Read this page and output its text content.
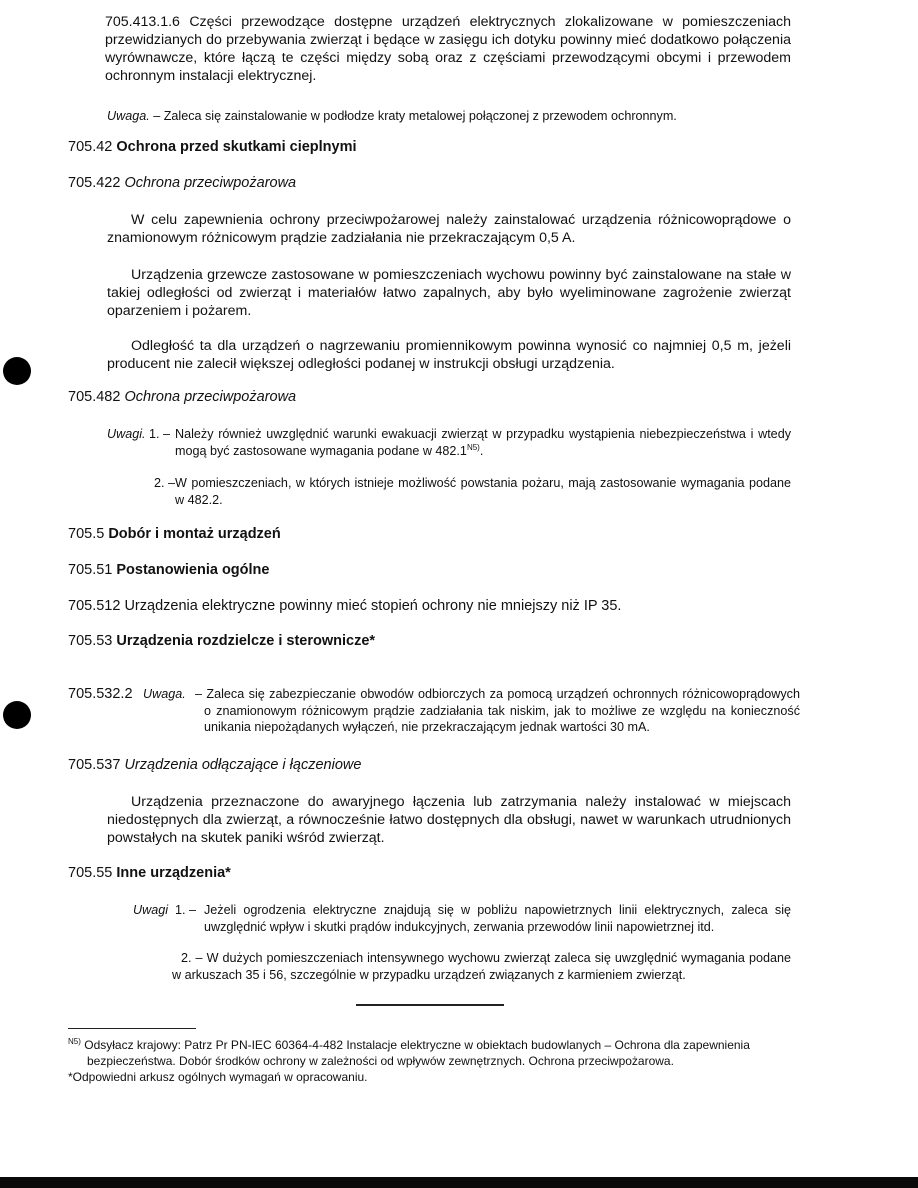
705.413.1.6 Części przewodzące dostępne urządzeń elektrycznych zlokalizowane w pomieszczeniach przewidzianych do przebywania zwierząt i będące w zasięgu ich dotyku powinny mieć dodatkowo połączenia wyrównawcze, które łączą te części między sobą oraz z częściami przewodzącymi obcymi i przewodem ochronnym instalacji elektrycznej.
Uwaga. – Zaleca się zainstalowanie w podłodze kraty metalowej połączonej z przewodem ochronnym.
705.42 Ochrona przed skutkami cieplnymi
705.422 Ochrona przeciwpożarowa

W celu zapewnienia ochrony przeciwpożarowej należy zainstalować urządzenia różnicowoprądowe o znamionowym różnicowym prądzie zadziałania nie przekraczającym 0,5 A.

Urządzenia grzewcze zastosowane w pomieszczeniach wychowu powinny być zainstalowane na stałe w takiej odległości od zwierząt i materiałów łatwo zapalnych, aby było wyeliminowane zagrożenie zwierząt oparzeniem i pożarem.

Odległość ta dla urządzeń o nagrzewaniu promiennikowym powinna wynosić co najmniej 0,5 m, jeżeli producent nie zalecił większej odległości podanej w instrukcji obsługi urządzenia.

705.482 Ochrona przeciwpożarowa
Uwagi. 1. – Należy również uwzględnić warunki ewakuacji zwierząt w przypadku wystąpienia niebezpieczeństwa i wtedy mogą być zastosowane wymagania podane w $482.1^{N5)}$.
2. – W pomieszczeniach, w których istnieje możliwość powstania pożaru, mają zastosowanie wymagania podane w 482.2.
705.5 Dobór i montaż urządzeń
705.51 Postanowienia ogólne
705.512 Urządzenia elektryczne powinny mieć stopień ochrony nie mniejszy niż IP 35.
705.53 Urządzenia rozdzielcze i sterownicze*
705.532.2 Uwaga. – Zaleca się zabezpieczanie obwodów odbiorczych za pomocą urządzeń ochronnych różnicowoprądowych o znamionowym różnicowym prądzie zadziałania tak niskim, jak to możliwe ze względu na konieczność unikania niepożądanych wyłączeń, nie przekraczającym jednak wartości 30 mA.

705.537 Urządzenia odłączające i łączeniowe

Urządzenia przeznaczone do awaryjnego łączenia lub zatrzymania należy instalować w miejscach niedostępnych dla zwierząt, a równocześnie łatwo dostępnych dla obsługi, nawet w warunkach utrudnionych powstałych na skutek paniki wśród zwierząt.

705.55 Inne urządzenia*
Uwagi 1. – Jeżeli ogrodzenia elektryczne znajdują się w pobliżu napowietrznych linii elektrycznych, zaleca się uwzględnić wpływ i skutki prądów indukcyjnych, zerwania przewodów linii napowietrznej itd.
2. – W dużych pomieszczeniach intensywnego wychowu zwierząt zaleca się uwzględnić wymagania podane w arkuszach 35 i 56, szczególnie w przypadku urządzeń związanych z karmieniem zwierząt.
$^{N5)}$ Odsyłacz krajowy: Patrz Pr PN-IEC 60364-4-482 Instalacje elektryczne w obiektach budowlanych – Ochrona dla zapewnienia bezpieczeństwa. Dobór środków ochrony w zależności od wpływów zewnętrznych. Ochrona przeciwpożarowa.
*Odpowiedni arkusz ogólnych wymagań w opracowaniu.
